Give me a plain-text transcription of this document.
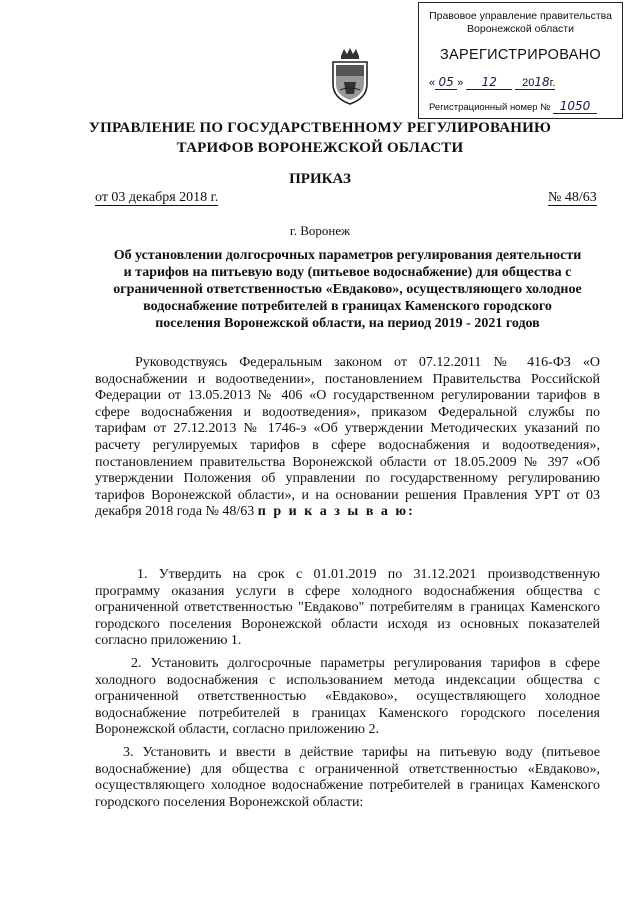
Правовое управление правительства
Воронежской области
ЗАРЕГИСТРИРОВАНО
« 05 » 12 2018г.
Регистрационный номер № 1050
УПРАВЛЕНИЕ ПО ГОСУДАРСТВЕННОМУ РЕГУЛИРОВАНИЮ
ТАРИФОВ ВОРОНЕЖСКОЙ ОБЛАСТИ
ПРИКАЗ
от 03 декабря 2018 г.	№ 48/63
г. Воронеж
Об установлении долгосрочных параметров регулирования деятельности
и тарифов на питьевую воду (питьевое водоснабжение) для общества с
ограниченной ответственностью «Евдаково», осуществляющего холодное
водоснабжение потребителей в границах Каменского городского
поселения Воронежской области, на период 2019 - 2021 годов
Руководствуясь Федеральным законом от 07.12.2011 № 416-ФЗ «О водоснабжении и водоотведении», постановлением Правительства Российской Федерации от 13.05.2013 № 406 «О государственном регулировании тарифов в сфере водоснабжения и водоотведения», приказом Федеральной службы по тарифам от 27.12.2013 № 1746-э «Об утверждении Методических указаний по расчету регулируемых тарифов в сфере водоснабжения и водоотведения», постановлением правительства Воронежской области от 18.05.2009 № 397 «Об утверждении Положения об управлении по государственному регулированию тарифов Воронежской области», и на основании решения Правления УРТ от 03 декабря 2018 года № 48/63 п р и к а з ы в а ю:
1. Утвердить на срок с 01.01.2019 по 31.12.2021 производственную программу оказания услуги в сфере холодного водоснабжения общества с ограниченной ответственностью "Евдаково" потребителям в границах Каменского городского поселения Воронежской области исходя из основных показателей согласно приложению 1.
2. Установить долгосрочные параметры регулирования тарифов в сфере холодного водоснабжения с использованием метода индексации общества с ограниченной ответственностью «Евдаково», осуществляющего холодное водоснабжение потребителей в границах Каменского городского поселения Воронежской области, согласно приложению 2.
3. Установить и ввести в действие тарифы на питьевую воду (питьевое водоснабжение) для общества с ограниченной ответственностью «Евдаково», осуществляющего холодное водоснабжение потребителей в границах Каменского городского поселения Воронежской области:
